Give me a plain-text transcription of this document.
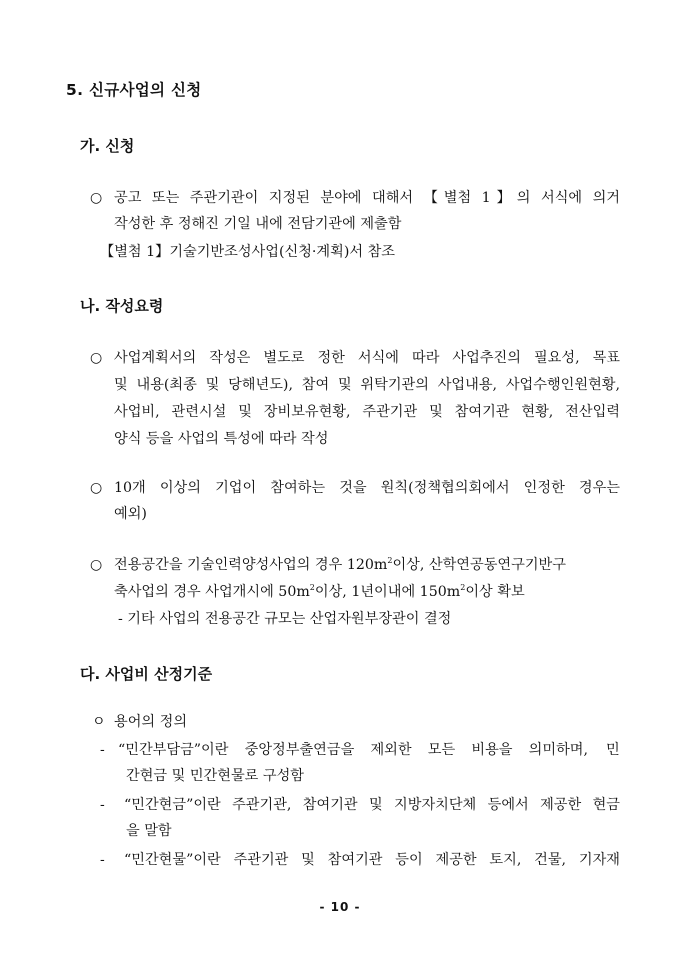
5. 신규사업의 신청
가. 신청
○ 공고 또는 주관기관이 지정된 분야에 대해서 【별첨 1】의 서식에 의거
작성한 후 정해진 기일 내에 전담기관에 제출함
【별첨 1】기술기반조성사업(신청·계획)서 참조
나. 작성요령
○ 사업계획서의 작성은 별도로 정한 서식에 따라 사업추진의 필요성, 목표
및 내용(최종 및 당해년도), 참여 및 위탁기관의 사업내용, 사업수행인원현황,
사업비, 관련시설 및 장비보유현황, 주관기관 및 참여기관 현황, 전산입력
양식 등을 사업의 특성에 따라 작성
○ 10개 이상의 기업이 참여하는 것을 원칙(정책협의회에서 인정한 경우는
예외)
○ 전용공간을 기술인력양성사업의 경우 $120m^2$이상, 산학연공동연구기반구
축사업의 경우 사업개시에 $50m^2$이상, 1년이내에 $150m^2$이상 확보
- 기타 사업의 전용공간 규모는 산업자원부장관이 결정
다. 사업비 산정기준
ㅇ 용어의 정의
- “민간부담금”이란 중앙정부출연금을 제외한 모든 비용을 의미하며, 민
간현금 및 민간현물로 구성함
- “민간현금”이란 주관기관, 참여기관 및 지방자치단체 등에서 제공한 현금
을 말함
- “민간현물”이란 주관기관 및 참여기관 등이 제공한 토지, 건물, 기자재
- 10 -
